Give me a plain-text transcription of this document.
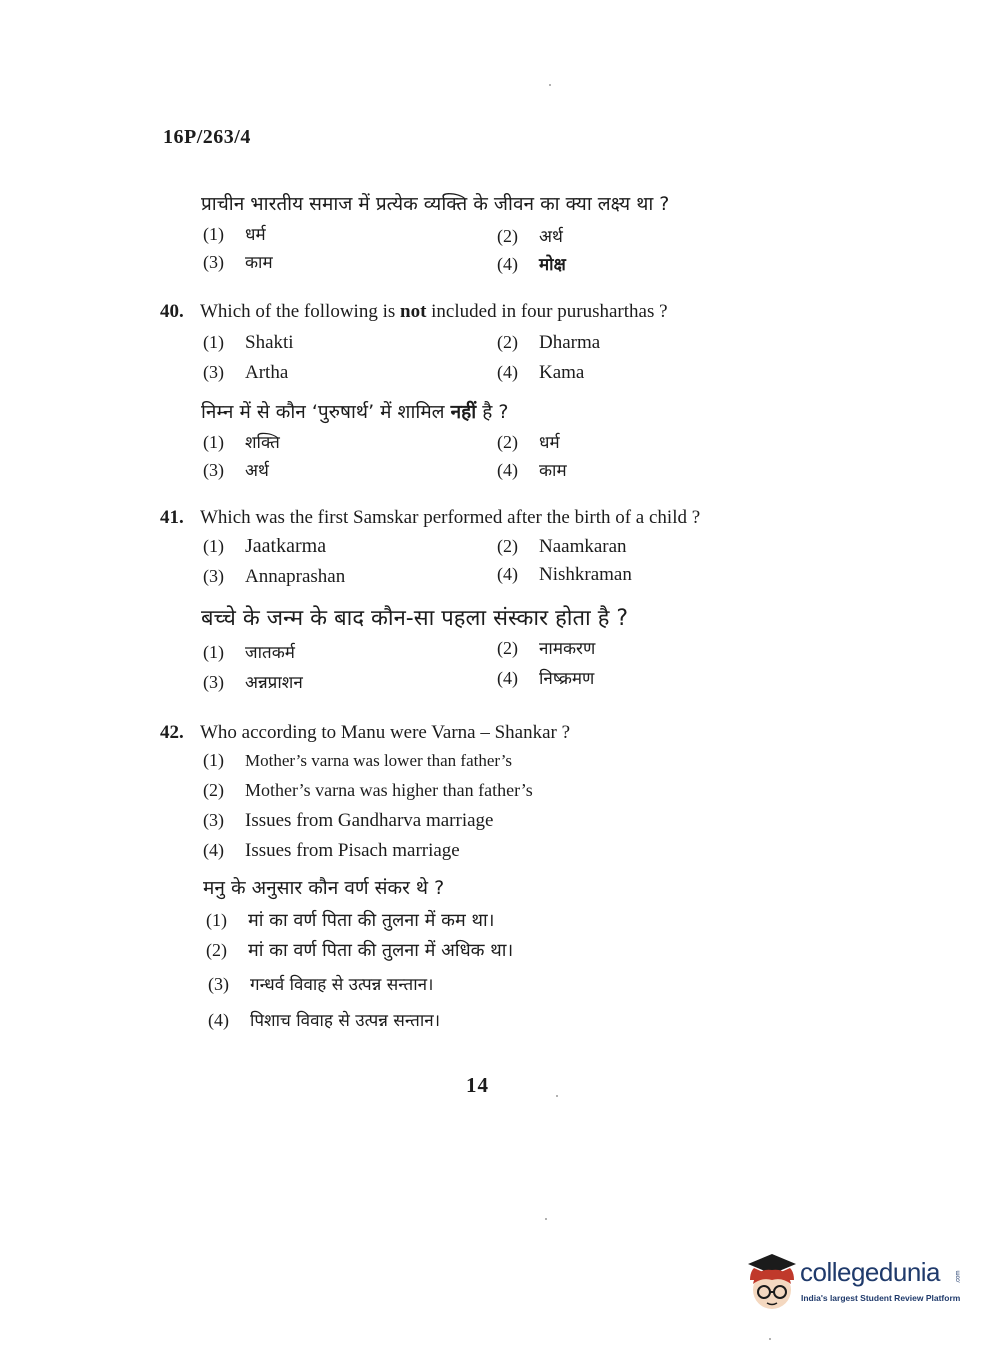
16P/263/4
प्राचीन भारतीय समाज में प्रत्येक व्यक्ति के जीवन का क्या लक्ष्य था ?
(1) धर्म	(2) अर्थ
(3) काम	(4) मोक्ष
40. Which of the following is not included in four purusharthas ?
(1) Shakti	(2) Dharma
(3) Artha	(4) Kama
निम्न में से कौन ‘पुरुषार्थ’ में शामिल नहीं है ?
(1) शक्ति	(2) धर्म
(3) अर्थ	(4) काम
41. Which was the first Samskar performed after the birth of a child ?
(1) Jaatkarma	(2) Naamkaran
(3) Annaprashan	(4) Nishkraman
बच्चे के जन्म के बाद कौन-सा पहला संस्कार होता है ?
(1) जातकर्म	(2) नामकरण
(3) अन्नप्राशन	(4) निष्क्रमण
42. Who according to Manu were Varna – Shankar ?
(1) Mother’s varna was lower than father’s
(2) Mother’s varna was higher than father’s
(3) Issues from Gandharva marriage
(4) Issues from Pisach marriage
मनु के अनुसार कौन वर्ण संकर थे ?
(1) मां का वर्ण पिता की तुलना में कम था।
(2) मां का वर्ण पिता की तुलना में अधिक था।
(3) गन्धर्व विवाह से उत्पन्न सन्तान।
(4) पिशाच विवाह से उत्पन्न सन्तान।
14
collegedunia	.com
India's largest Student Review Platform
